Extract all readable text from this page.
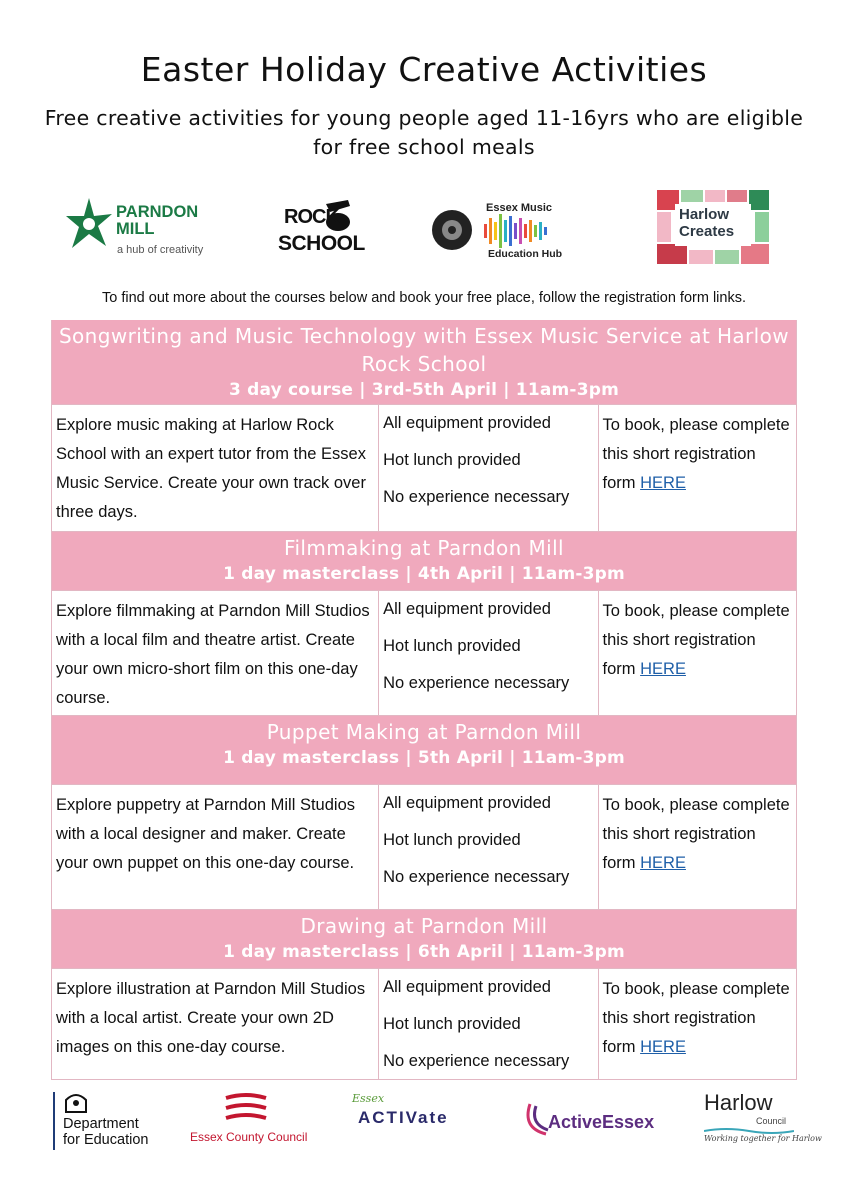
Easter Holiday Creative Activities
Free creative activities for young people aged 11-16yrs who are eligible for free school meals
PARNDON
MILL
a hub of creativity
ROCK
SCHOOL
Essex Music
Education Hub
Harlow
Creates
To find out more about the courses below and book your free place, follow the registration form links.
Songwriting and Music Technology with Essex Music Service at Harlow Rock School
3 day course | 3rd-5th April | 11am-3pm
Explore music making at Harlow Rock School with an expert tutor from the Essex Music Service. Create your own track over three days.
All equipment provided
Hot lunch provided
No experience necessary
To book, please complete this short registration form HERE
Filmmaking at Parndon Mill
1 day masterclass | 4th April | 11am-3pm
Explore filmmaking at Parndon Mill Studios with a local film and theatre artist. Create your own micro-short film on this one-day course.
All equipment provided
Hot lunch provided
No experience necessary
To book, please complete this short registration form HERE
Puppet Making at Parndon Mill
1 day masterclass | 5th April | 11am-3pm
Explore puppetry at Parndon Mill Studios with a local designer and maker. Create your own puppet on this one-day course.
All equipment provided
Hot lunch provided
No experience necessary
To book, please complete this short registration form HERE
Drawing at Parndon Mill
1 day masterclass | 6th April | 11am-3pm
Explore illustration at Parndon Mill Studios with a local artist. Create your own 2D images on this one-day course.
All equipment provided
Hot lunch provided
No experience necessary
To book, please complete this short registration form HERE
Department
for Education	Essex County Council
Essex
ACTIVate	ActiveEssex
Harlow
Council
Working together for Harlow
